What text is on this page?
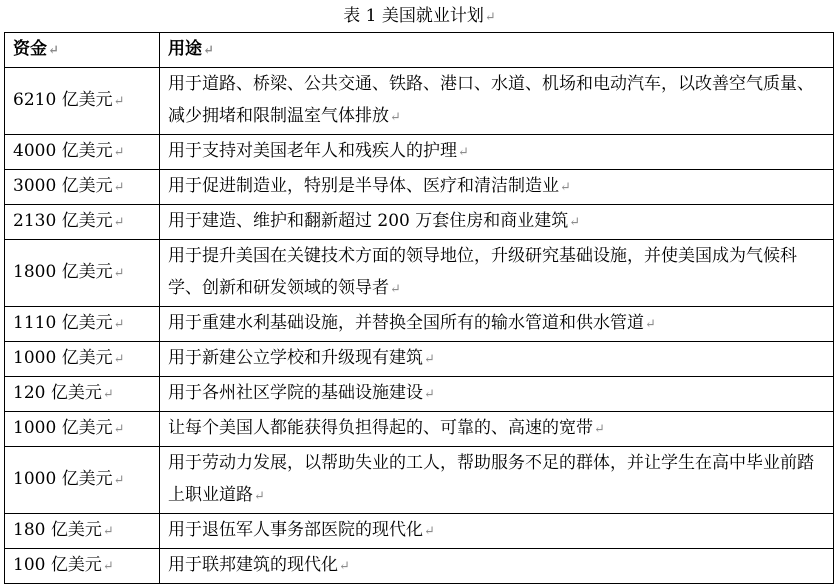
表 1 美国就业计划↵
资金↵	用途↵
6210 亿美元↵	用于道路、桥梁、公共交通、铁路、港口、水道、机场和电动汽车，以改善空气质量、减少拥堵和限制温室气体排放↵
4000 亿美元↵	用于支持对美国老年人和残疾人的护理↵
3000 亿美元↵	用于促进制造业，特别是半导体、医疗和清洁制造业↵
2130 亿美元↵	用于建造、维护和翻新超过 200 万套住房和商业建筑↵
1800 亿美元↵	用于提升美国在关键技术方面的领导地位，升级研究基础设施，并使美国成为气候科学、创新和研发领域的领导者↵
1110 亿美元↵	用于重建水利基础设施，并替换全国所有的输水管道和供水管道↵
1000 亿美元↵	用于新建公立学校和升级现有建筑↵
120 亿美元↵	用于各州社区学院的基础设施建设↵
1000 亿美元↵	让每个美国人都能获得负担得起的、可靠的、高速的宽带↵
1000 亿美元↵	用于劳动力发展，以帮助失业的工人，帮助服务不足的群体，并让学生在高中毕业前踏上职业道路↵
180 亿美元↵	用于退伍军人事务部医院的现代化↵
100 亿美元↵	用于联邦建筑的现代化↵
